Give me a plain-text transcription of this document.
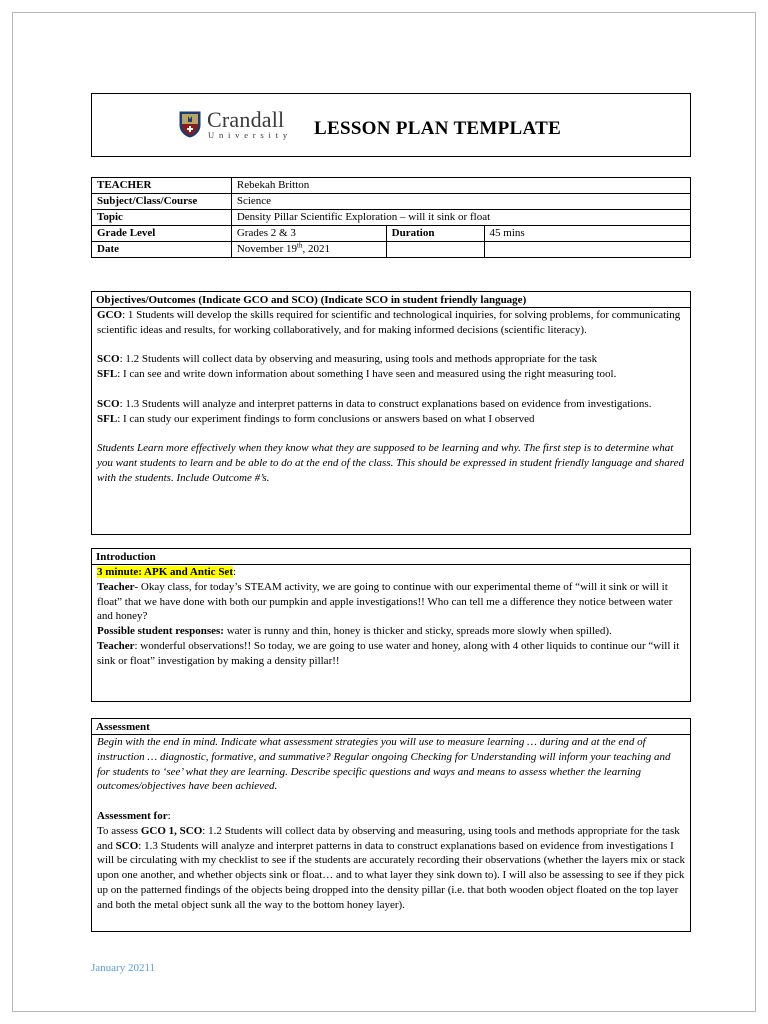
Crandall
University LESSON PLAN TEMPLATE
TEACHER	Rebekah Britton		
Subject/Class/Course	Science		
Topic	Density Pillar Scientific Exploration – will it sink or float		
Grade Level	Grades 2 & 3	Duration	45 mins
Date	November 19th, 2021		
Objectives/Outcomes (Indicate GCO and SCO) (Indicate SCO in student friendly language)

GCO: 1 Students will develop the skills required for scientific and technological inquiries, for solving problems, for communicating scientific ideas and results, for working collaboratively, and for making informed decisions (scientific literacy).

SCO: 1.2 Students will collect data by observing and measuring, using tools and methods appropriate for the task

SFL: I can see and write down information about something I have seen and measured using the right measuring tool.

SCO: 1.3 Students will analyze and interpret patterns in data to construct explanations based on evidence from investigations.

SFL: I can study our experiment findings to form conclusions or answers based on what I observed

Students Learn more effectively when they know what they are supposed to be learning and why. The first step is to determine what you want students to learn and be able to do at the end of the class. This should be expressed in student friendly language and shared with the students. Include Outcome #’s.

Introduction

3 minute: APK and Antic Set:

Teacher- Okay class, for today’s STEAM activity, we are going to continue with our experimental theme of “will it sink or will it float” that we have done with both our pumpkin and apple investigations!! Who can tell me a difference they notice between water and honey?

Possible student responses: water is runny and thin, honey is thicker and sticky, spreads more slowly when spilled).

Teacher: wonderful observations!! So today, we are going to use water and honey, along with 4 other liquids to continue our “will it sink or float” investigation by making a density pillar!!

Assessment

Begin with the end in mind. Indicate what assessment strategies you will use to measure learning … during and at the end of instruction … diagnostic, formative, and summative? Regular ongoing Checking for Understanding will inform your teaching and for students to ‘see’ what they are learning. Describe specific questions and ways and means to assess whether the learning outcomes/objectives have been achieved.

Assessment for:

To assess GCO 1, SCO: 1.2 Students will collect data by observing and measuring, using tools and methods appropriate for the task and SCO: 1.3 Students will analyze and interpret patterns in data to construct explanations based on evidence from investigations I will be circulating with my checklist to see if the students are accurately recording their observations (whether the layers mix or stack upon one another, and whether objects sink or float… and to what layer they sink down to). I will also be assessing to see if they pick up on the patterned findings of the objects being dropped into the density pillar (i.e. that both wooden object floated on the top layer and both the metal object sunk all the way to the bottom honey layer).

January 20211
